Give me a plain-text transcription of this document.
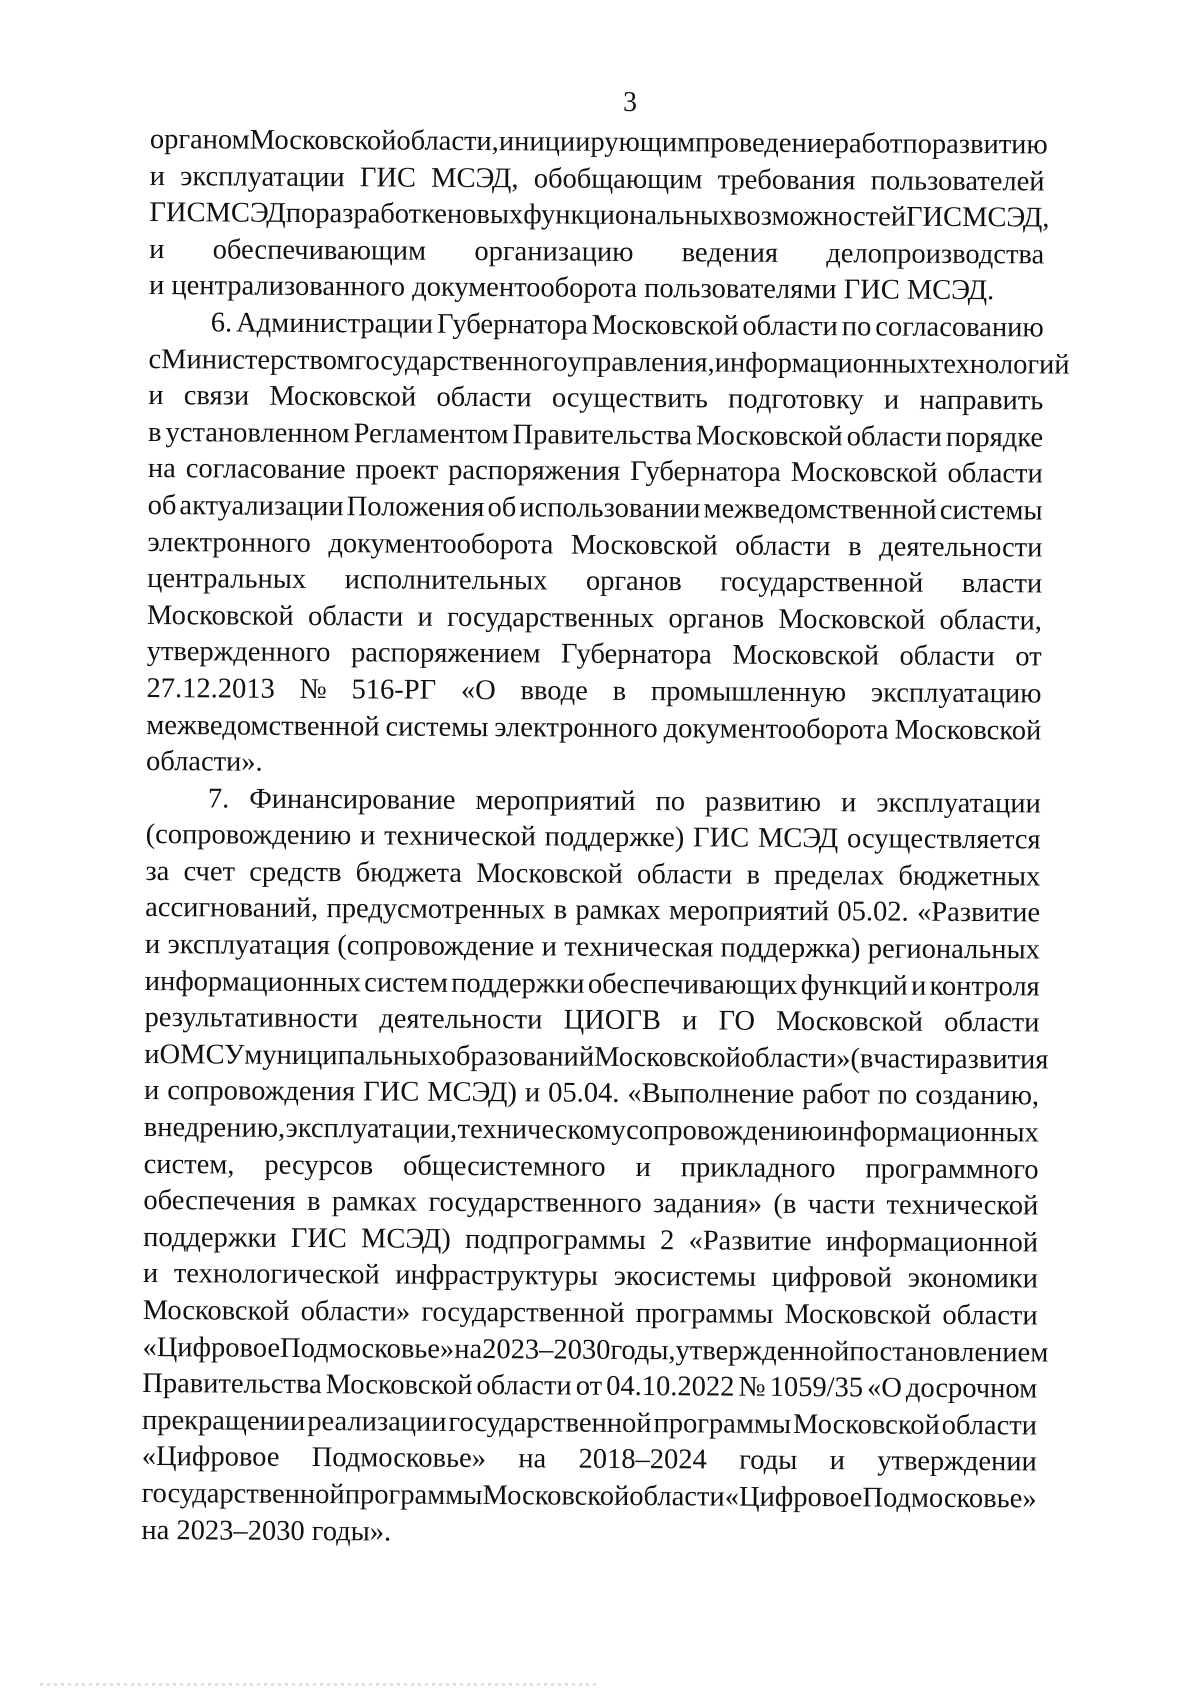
3

органом Московской области, инициирующим проведение работ по развитию
и эксплуатации ГИС МСЭД, обобщающим требования пользователей
ГИС МСЭД по разработке новых функциональных возможностей ГИС МСЭД,
и обеспечивающим организацию ведения делопроизводства
и централизованного документооборота пользователями ГИС МСЭД.

6. Администрации Губернатора Московской области по согласованию
с Министерством государственного управления, информационных технологий
и связи Московской области осуществить подготовку и направить
в установленном Регламентом Правительства Московской области порядке
на согласование проект распоряжения Губернатора Московской области
об актуализации Положения об использовании межведомственной системы
электронного документооборота Московской области в деятельности
центральных исполнительных органов государственной власти
Московской области и государственных органов Московской области,
утвержденного распоряжением Губернатора Московской области от
27.12.2013 № 516-РГ «О вводе в промышленную эксплуатацию
межведомственной системы электронного документооборота Московской
области».

7. Финансирование мероприятий по развитию и эксплуатации
(сопровождению и технической поддержке) ГИС МСЭД осуществляется
за счет средств бюджета Московской области в пределах бюджетных
ассигнований, предусмотренных в рамках мероприятий 05.02. «Развитие
и эксплуатация (сопровождение и техническая поддержка) региональных
информационных систем поддержки обеспечивающих функций и контроля
результативности деятельности ЦИОГВ и ГО Московской области
и ОМСУ муниципальных образований Московской области» (в части развития
и сопровождения ГИС МСЭД) и 05.04. «Выполнение работ по созданию,
внедрению, эксплуатации, техническому сопровождению информационных
систем, ресурсов общесистемного и прикладного программного
обеспечения в рамках государственного задания» (в части технической
поддержки ГИС МСЭД) подпрограммы 2 «Развитие информационной
и технологической инфраструктуры экосистемы цифровой экономики
Московской области» государственной программы Московской области
«Цифровое Подмосковье» на 2023–2030 годы, утвержденной постановлением
Правительства Московской области от 04.10.2022 № 1059/35 «О досрочном
прекращении реализации государственной программы Московской области
«Цифровое Подмосковье» на 2018–2024 годы и утверждении
государственной программы Московской области «Цифровое Подмосковье»
на 2023–2030 годы».
